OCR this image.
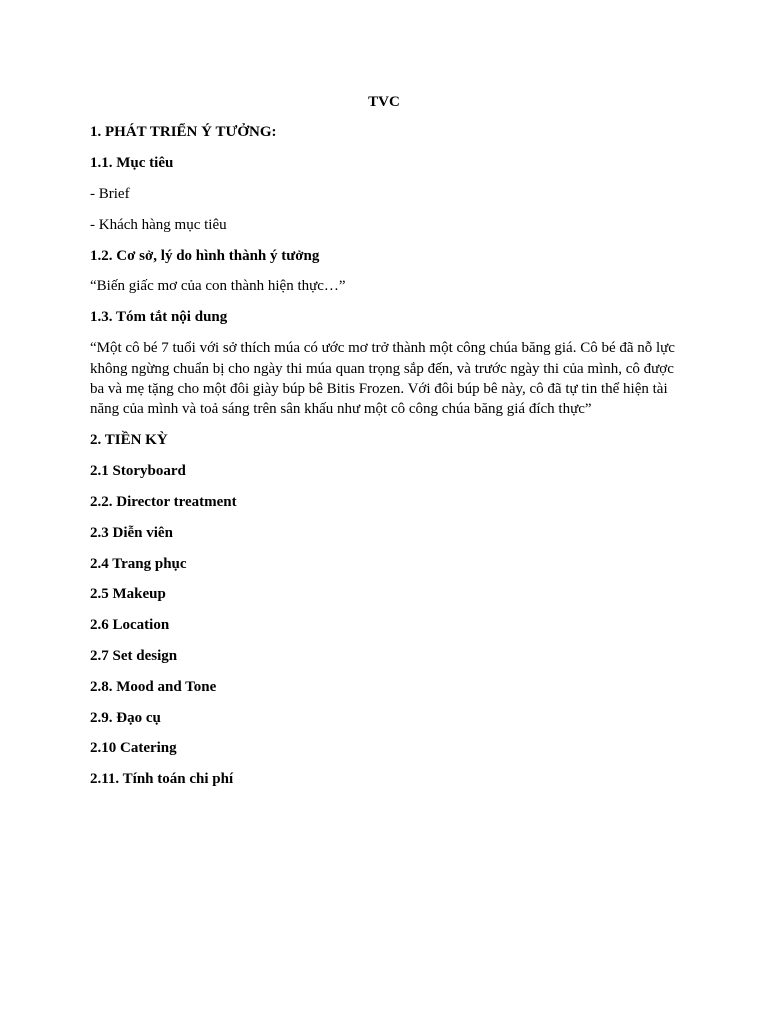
TVC
1. PHÁT TRIỂN Ý TƯỞNG:
1.1. Mục tiêu
- Brief
- Khách hàng mục tiêu
1.2. Cơ sở, lý do hình thành ý tưởng
“Biến giấc mơ của con thành hiện thực…”
1.3. Tóm tắt nội dung
“Một cô bé 7 tuổi với sở thích múa có ước mơ trở thành một công chúa băng giá. Cô bé đã nỗ lực
không ngừng chuẩn bị cho ngày thi múa quan trọng sắp đến, và trước ngày thi của mình, cô được
ba và mẹ tặng cho một đôi giày búp bê Bitis Frozen. Với đôi búp bê này, cô đã tự tin thể hiện tài
năng của mình và toả sáng trên sân khấu như một cô công chúa băng giá đích thực”
2. TIỀN KỲ
2.1 Storyboard
2.2. Director treatment
2.3 Diễn viên
2.4 Trang phục
2.5 Makeup
2.6 Location
2.7 Set design
2.8. Mood and Tone
2.9. Đạo cụ
2.10 Catering
2.11. Tính toán chi phí
